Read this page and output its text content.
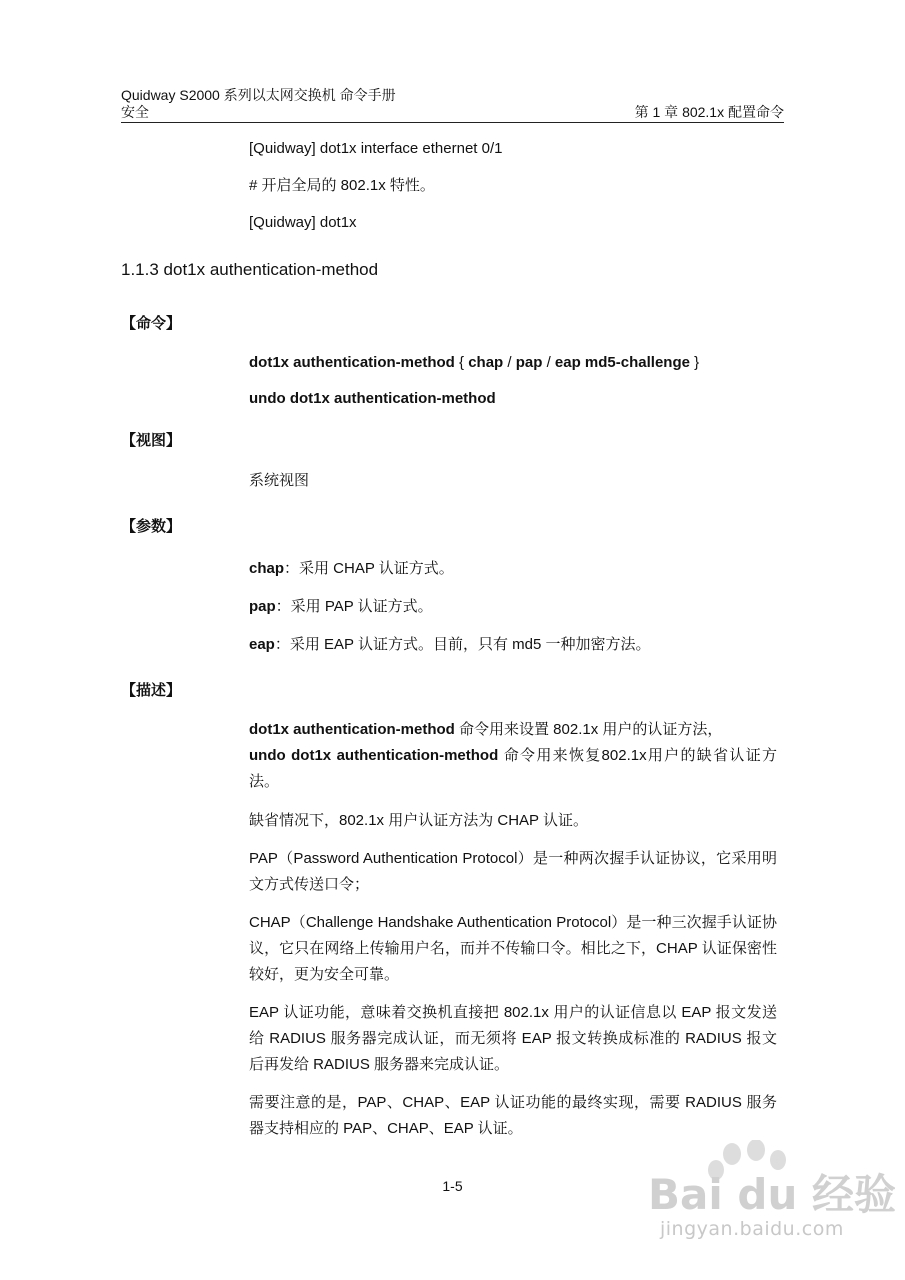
Quidway S2000 系列以太网交换机 命令手册
安全	第 1 章 802.1x 配置命令
[Quidway] dot1x interface ethernet 0/1
# 开启全局的 802.1x 特性。
[Quidway] dot1x
1.1.3 dot1x authentication-method
【命令】
dot1x authentication-method { chap / pap / eap md5-challenge }
undo dot1x authentication-method
【视图】
系统视图
【参数】
chap：采用 CHAP 认证方式。
pap：采用 PAP 认证方式。
eap：采用 EAP 认证方式。目前，只有 md5 一种加密方法。
【描述】
dot1x authentication-method 命令用来设置 802.1x 用户的认证方法，
undo dot1x authentication-method 命令用来恢复802.1x用户的缺省认证方法。
缺省情况下，802.1x 用户认证方法为 CHAP 认证。
PAP（Password Authentication Protocol）是一种两次握手认证协议，它采用明文方式传送口令；
CHAP（Challenge Handshake Authentication Protocol）是一种三次握手认证协议，它只在网络上传输用户名，而并不传输口令。相比之下，CHAP 认证保密性较好，更为安全可靠。
EAP 认证功能，意味着交换机直接把 802.1x 用户的认证信息以 EAP 报文发送给 RADIUS 服务器完成认证，而无须将 EAP 报文转换成标准的 RADIUS 报文后再发给 RADIUS 服务器来完成认证。
需要注意的是，PAP、CHAP、EAP 认证功能的最终实现，需要 RADIUS 服务器支持相应的 PAP、CHAP、EAP 认证。
1-5	Bai du 经验
jingyan.baidu.com
